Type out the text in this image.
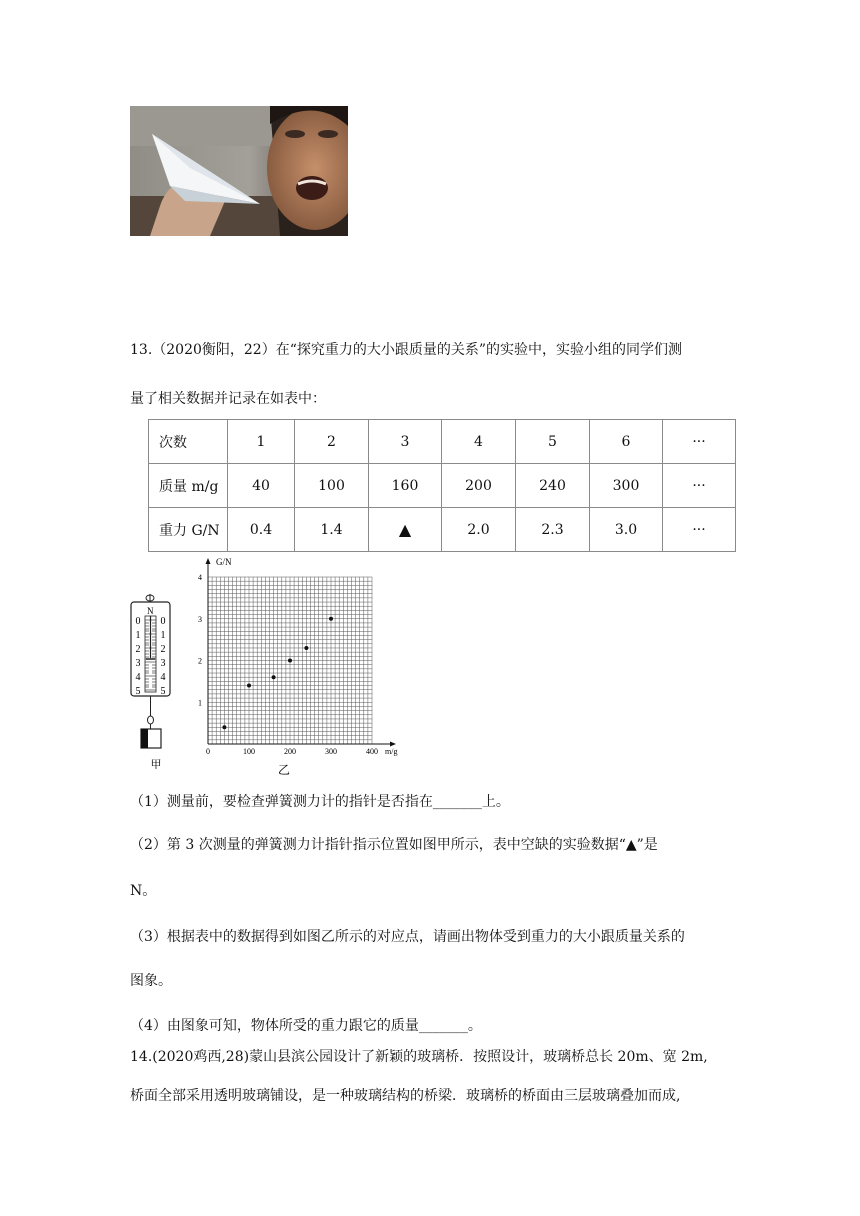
13.（2020衡阳，22）在“探究重力的大小跟质量的关系”的实验中，实验小组的同学们测
量了相关数据并记录在如表中：
次数	1	2	3	4	5	6	···
质量 m/g	40	100	160	200	240	300	···
重力 G/N	0.4	1.4	▲	2.0	2.3	3.0	···
N
0
1
2
3
4
5
0
1
2
3
4
5
甲
G/N
m/g
0	100	200	300	400
1
2
3
4
乙
（1）测量前，要检查弹簧测力计的指针是否指在_______上。
（2）第 3 次测量的弹簧测力计指针指示位置如图甲所示，表中空缺的实验数据“▲”是
N。
（3）根据表中的数据得到如图乙所示的对应点，请画出物体受到重力的大小跟质量关系的
图象。
（4）由图象可知，物体所受的重力跟它的质量_______。
14.(2020鸡西,28)蒙山县滨公园设计了新颖的玻璃桥．按照设计，玻璃桥总长 20m、宽 2m,
桥面全部采用透明玻璃铺设，是一种玻璃结构的桥梁．玻璃桥的桥面由三层玻璃叠加而成,
